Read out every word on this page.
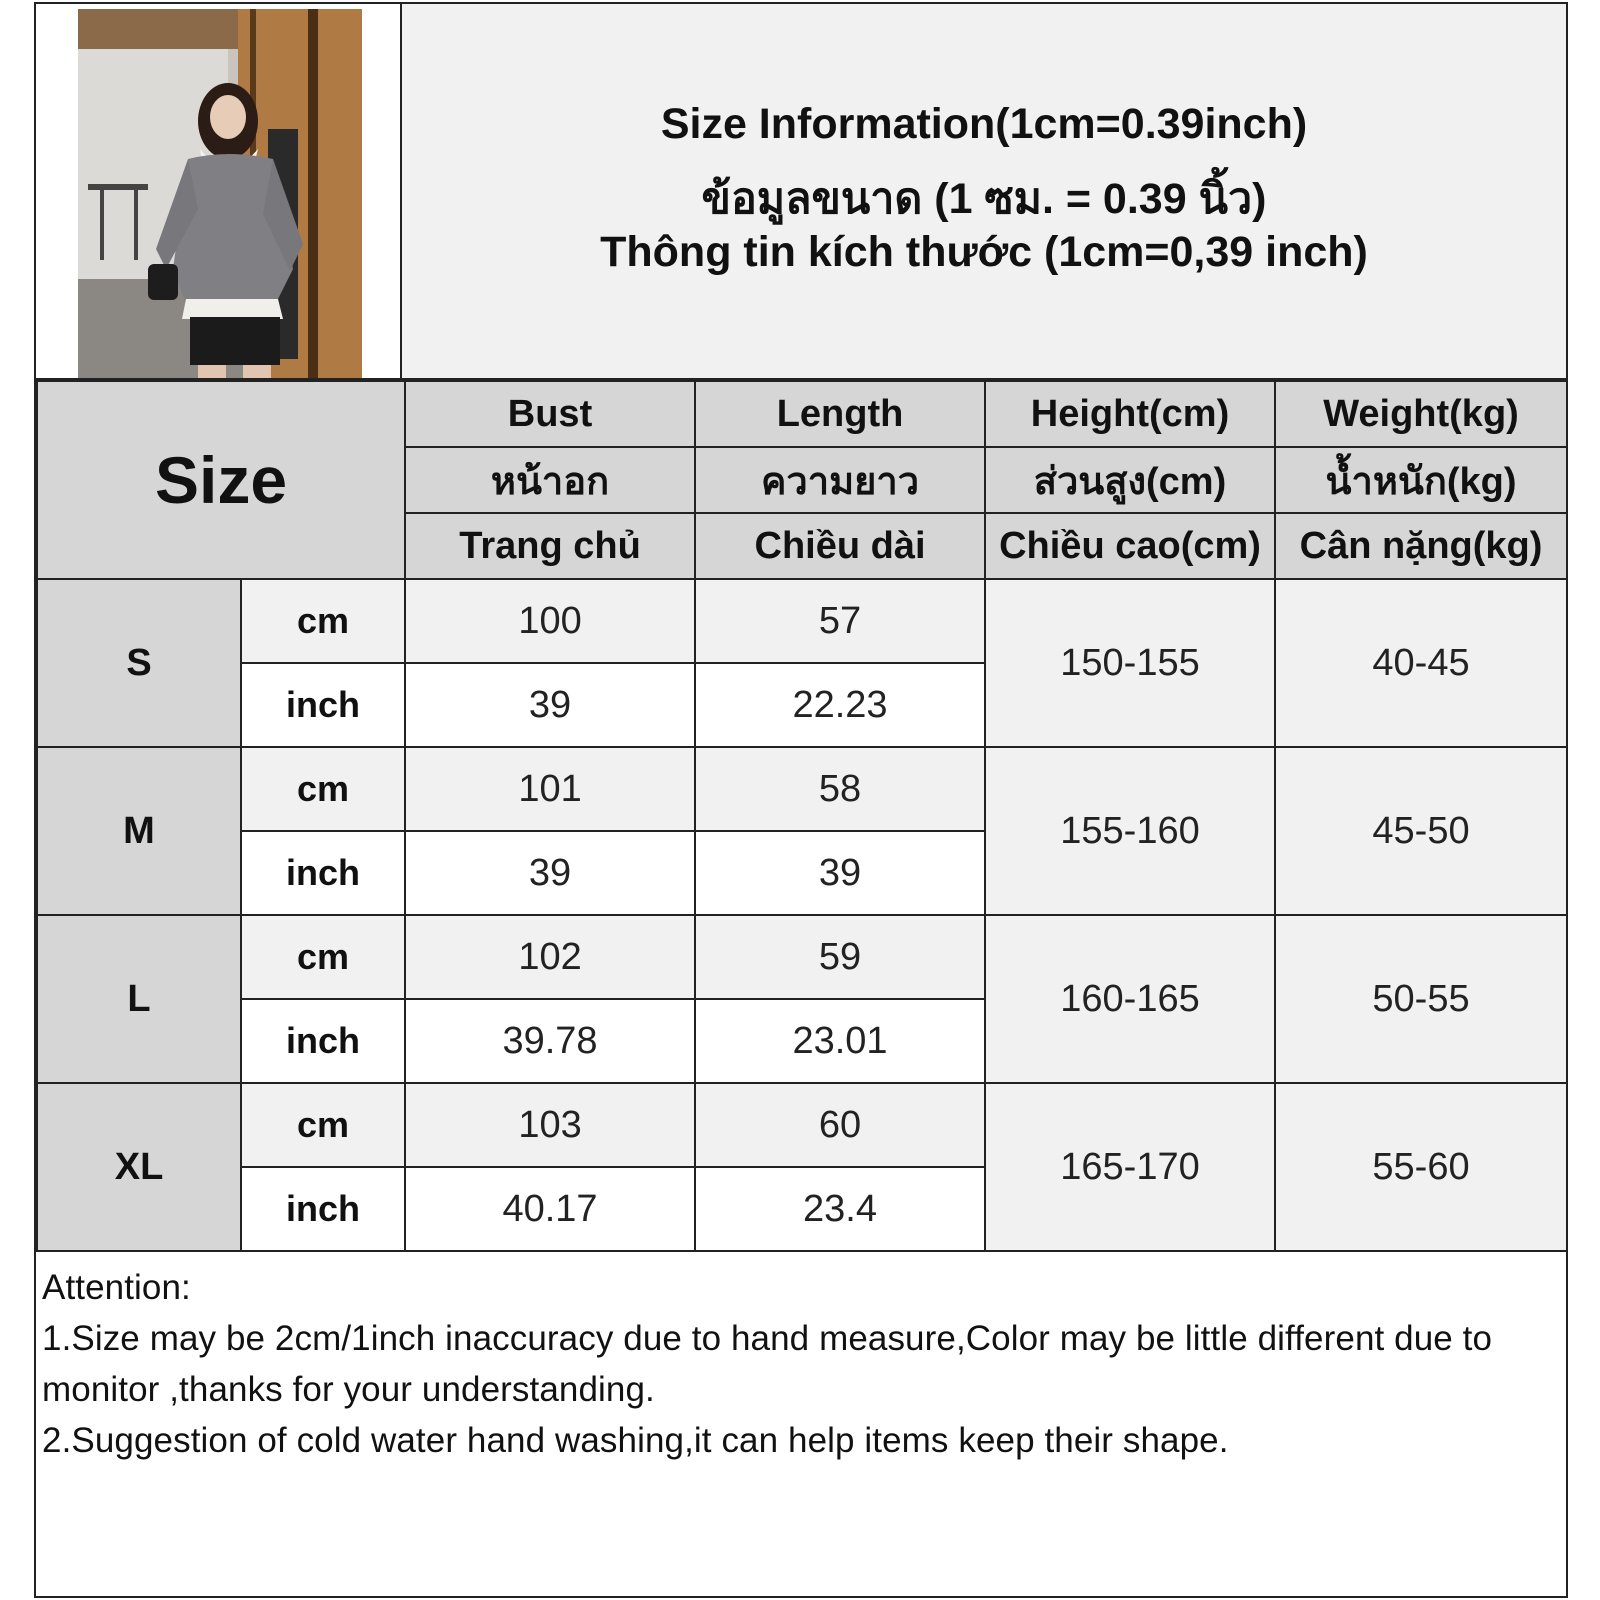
Size Information(1cm=0.39inch)
ข้อมูลขนาด (1 ซม. = 0.39 นิ้ว)
Thông tin kích thước (1cm=0,39 inch)
Size		Bust	Length	Height(cm)	Weight(kg)
		หน้าอก	ความยาว	ส่วนสูง(cm)	น้ำหนัก(kg)
		Trang chủ	Chiều dài	Chiều cao(cm)	Cân nặng(kg)
S	cm	100	57	150-155	40-45
	inch	39	22.23		
M	cm	101	58	155-160	45-50
	inch	39	39		
L	cm	102	59	160-165	50-55
	inch	39.78	23.01		
XL	cm	103	60	165-170	55-60
	inch	40.17	23.4		

Attention:

1.Size may be 2cm/1inch inaccuracy due to hand measure,Color may be little different due to monitor ,thanks for your understanding.

2.Suggestion of cold water hand washing,it can help items keep their shape.
